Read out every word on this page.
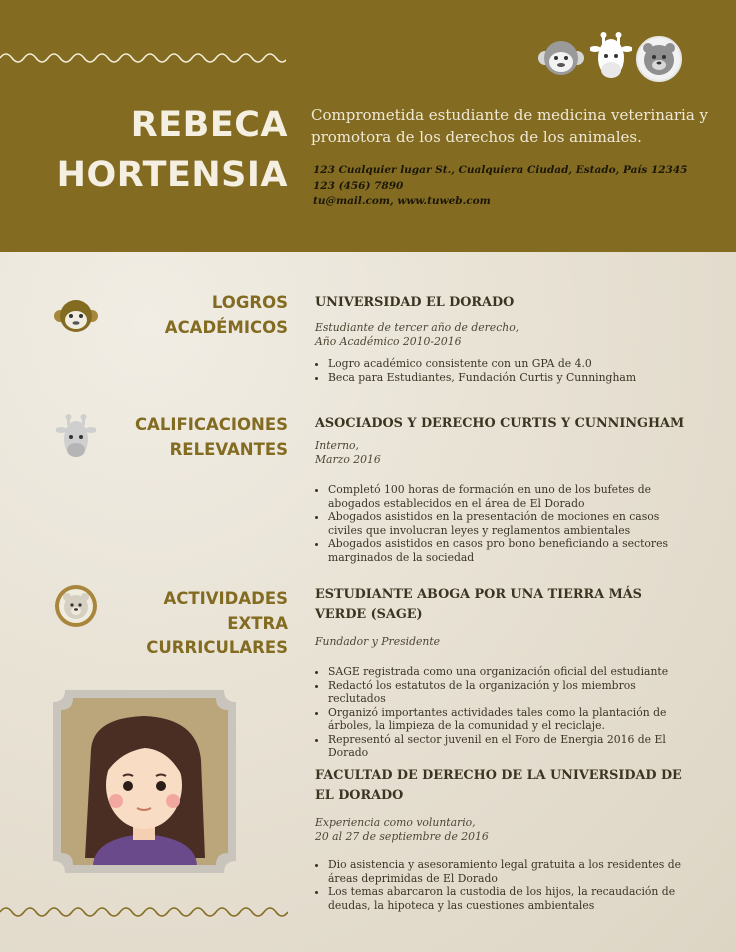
REBECA
HORTENSIA
Comprometida estudiante de medicina veterinaria y promotora de los derechos de los animales.
123 Cualquier lugar St., Cualquiera Ciudad, Estado, País 12345
123 (456) 7890
tu@mail.com, www.tuweb.com
LOGROS
ACADÉMICOS
UNIVERSIDAD EL DORADO
Estudiante de tercer año de derecho,
Año Académico 2010-2016
• Logro académico consistente con un GPA de 4.0
• Beca para Estudiantes, Fundación Curtis y Cunningham
CALIFICACIONES
RELEVANTES
ASOCIADOS Y DERECHO CURTIS Y CUNNINGHAM
Interno,
Marzo 2016
• Completó 100 horas de formación en uno de los bufetes de abogados establecidos en el área de El Dorado
• Abogados asistidos en la presentación de mociones en casos civiles que involucran leyes y reglamentos ambientales
• Abogados asistidos en casos pro bono beneficiando a sectores marginados de la sociedad
ACTIVIDADES
EXTRA
CURRICULARES
ESTUDIANTE ABOGA POR UNA TIERRA MÁS VERDE (SAGE)
Fundador y Presidente
• SAGE registrada como una organización oficial del estudiante
• Redactó los estatutos de la organización y los miembros reclutados
• Organizó importantes actividades tales como la plantación de árboles, la limpieza de la comunidad y el reciclaje.
• Representó al sector juvenil en el Foro de Energia 2016 de El Dorado
FACULTAD DE DERECHO DE LA UNIVERSIDAD DE EL DORADO
Experiencia como voluntario,
20 al 27 de septiembre de 2016
• Dio asistencia y asesoramiento legal gratuita a los residentes de áreas deprimidas de El Dorado
• Los temas abarcaron la custodia de los hijos, la recaudación de deudas, la hipoteca y las cuestiones ambientales
